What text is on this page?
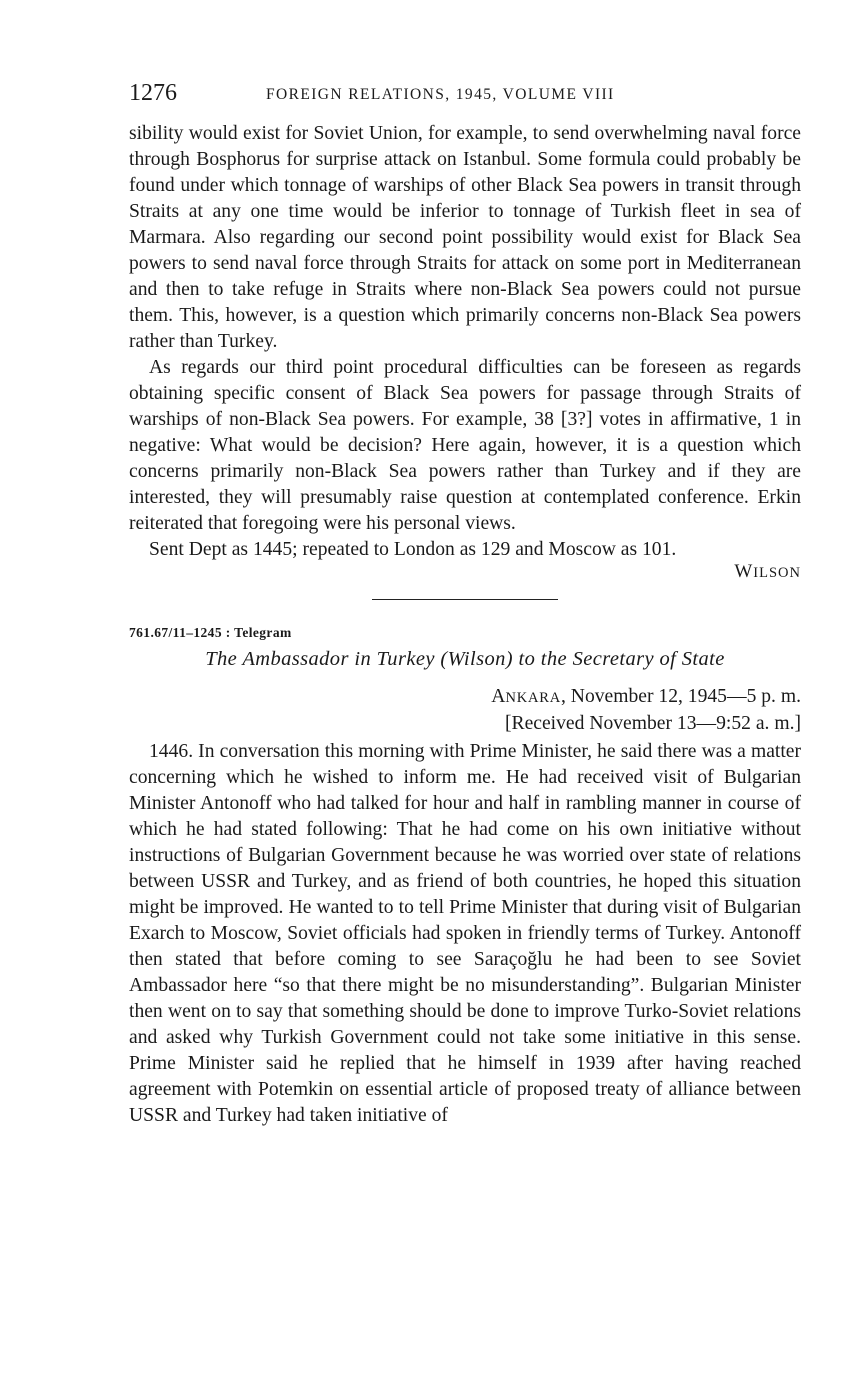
1276	FOREIGN RELATIONS, 1945, VOLUME VIII

sibility would exist for Soviet Union, for example, to send overwhelming naval force through Bosphorus for surprise attack on Istanbul. Some formula could probably be found under which tonnage of warships of other Black Sea powers in transit through Straits at any one time would be inferior to tonnage of Turkish fleet in sea of Marmara. Also regarding our second point possibility would exist for Black Sea powers to send naval force through Straits for attack on some port in Mediterranean and then to take refuge in Straits where non-Black Sea powers could not pursue them. This, however, is a question which primarily concerns non-Black Sea powers rather than Turkey.

As regards our third point procedural difficulties can be foreseen as regards obtaining specific consent of Black Sea powers for passage through Straits of warships of non-Black Sea powers. For example, 38 [3?] votes in affirmative, 1 in negative: What would be decision? Here again, however, it is a question which concerns primarily non-Black Sea powers rather than Turkey and if they are interested, they will presumably raise question at contemplated conference. Erkin reiterated that foregoing were his personal views.

Sent Dept as 1445; repeated to London as 129 and Moscow as 101.

WILSON
761.67/11–1245 : Telegram
The Ambassador in Turkey (Wilson) to the Secretary of State
ANKARA, November 12, 1945—5 p. m.
[Received November 13—9:52 a. m.]

1446. In conversation this morning with Prime Minister, he said there was a matter concerning which he wished to inform me. He had received visit of Bulgarian Minister Antonoff who had talked for hour and half in rambling manner in course of which he had stated following: That he had come on his own initiative without instructions of Bulgarian Government because he was worried over state of relations between USSR and Turkey, and as friend of both countries, he hoped this situation might be improved. He wanted to to tell Prime Minister that during visit of Bulgarian Exarch to Moscow, Soviet officials had spoken in friendly terms of Turkey. Antonoff then stated that before coming to see Saraçoğlu he had been to see Soviet Ambassador here “so that there might be no misunderstanding”. Bulgarian Minister then went on to say that something should be done to improve Turko-Soviet relations and asked why Turkish Government could not take some initiative in this sense. Prime Minister said he replied that he himself in 1939 after having reached agreement with Potemkin on essential article of proposed treaty of alliance between USSR and Turkey had taken initiative of
